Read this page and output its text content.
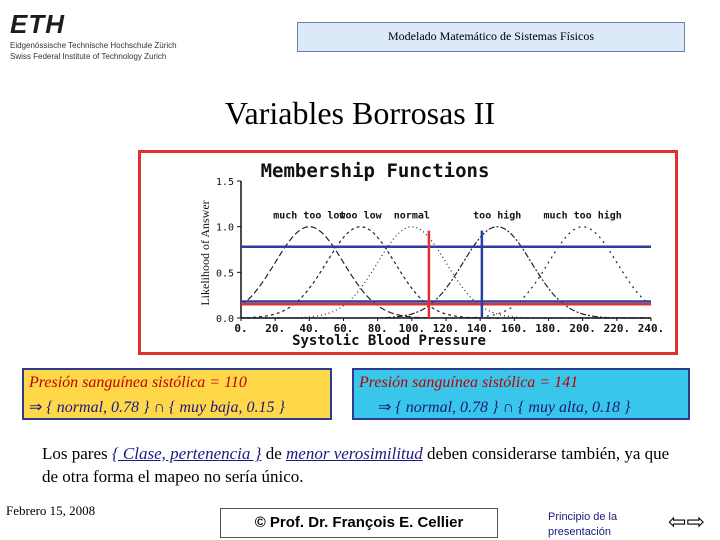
ETH
Eidgenössische Technische Hochschule Zürich
Swiss Federal Institute of Technology Zurich
Modelado Matemático de Sistemas Físicos
Variables Borrosas II
Membership Functions
Systolic Blood Pressure
Likelihood of Answer
0.0
0.5
1.0
1.5
0. 20. 40. 60. 80. 100. 120. 140. 160. 180. 200. 220. 240.
much too low
too low normal	too high much too high
Presión sanguínea sistólica = 110
⇒ { normal, 0.78 } ∩ { muy baja, 0.15 }
Presión sanguínea sistólica = 141
⇒ { normal, 0.78 } ∩ { muy alta, 0.18 }
Los pares { Clase, pertenencia } de menor verosimilitud deben considerarse también, ya que de otra forma el mapeo no sería único.
Febrero 15, 2008
© Prof. Dr. François E. Cellier	Principio de la presentación	⇦⇨
